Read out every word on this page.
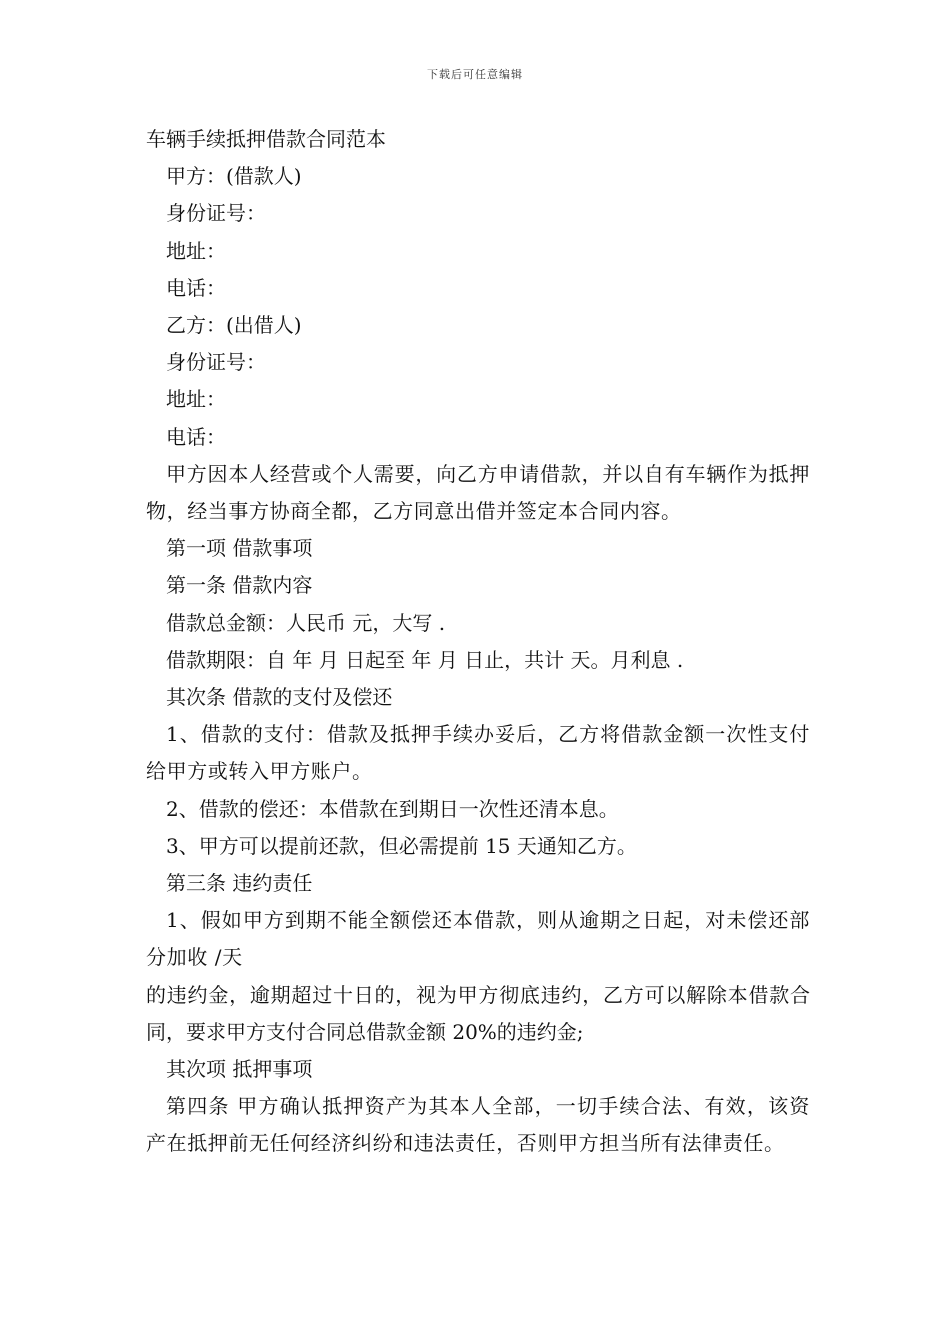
下载后可任意编辑
车辆手续抵押借款合同范本

甲方：(借款人)

身份证号：

地址：

电话：

乙方：(出借人)

身份证号：

地址：

电话：

甲方因本人经营或个人需要，向乙方申请借款，并以自有车辆作为抵押物，经当事方协商全都，乙方同意出借并签定本合同内容。

第一项 借款事项

第一条 借款内容

借款总金额：人民币 元，大写 .

借款期限：自 年 月 日起至 年 月 日止，共计 天。月利息 .

其次条 借款的支付及偿还

1、借款的支付：借款及抵押手续办妥后，乙方将借款金额一次性支付给甲方或转入甲方账户。

2、借款的偿还：本借款在到期日一次性还清本息。

3、甲方可以提前还款，但必需提前 15 天通知乙方。

第三条 违约责任

1、假如甲方到期不能全额偿还本借款，则从逾期之日起，对未偿还部分加收 /天

的违约金，逾期超过十日的，视为甲方彻底违约，乙方可以解除本借款合同，要求甲方支付合同总借款金额 20%的违约金;

其次项 抵押事项

第四条 甲方确认抵押资产为其本人全部，一切手续合法、有效，该资产在抵押前无任何经济纠纷和违法责任，否则甲方担当所有法律责任。
